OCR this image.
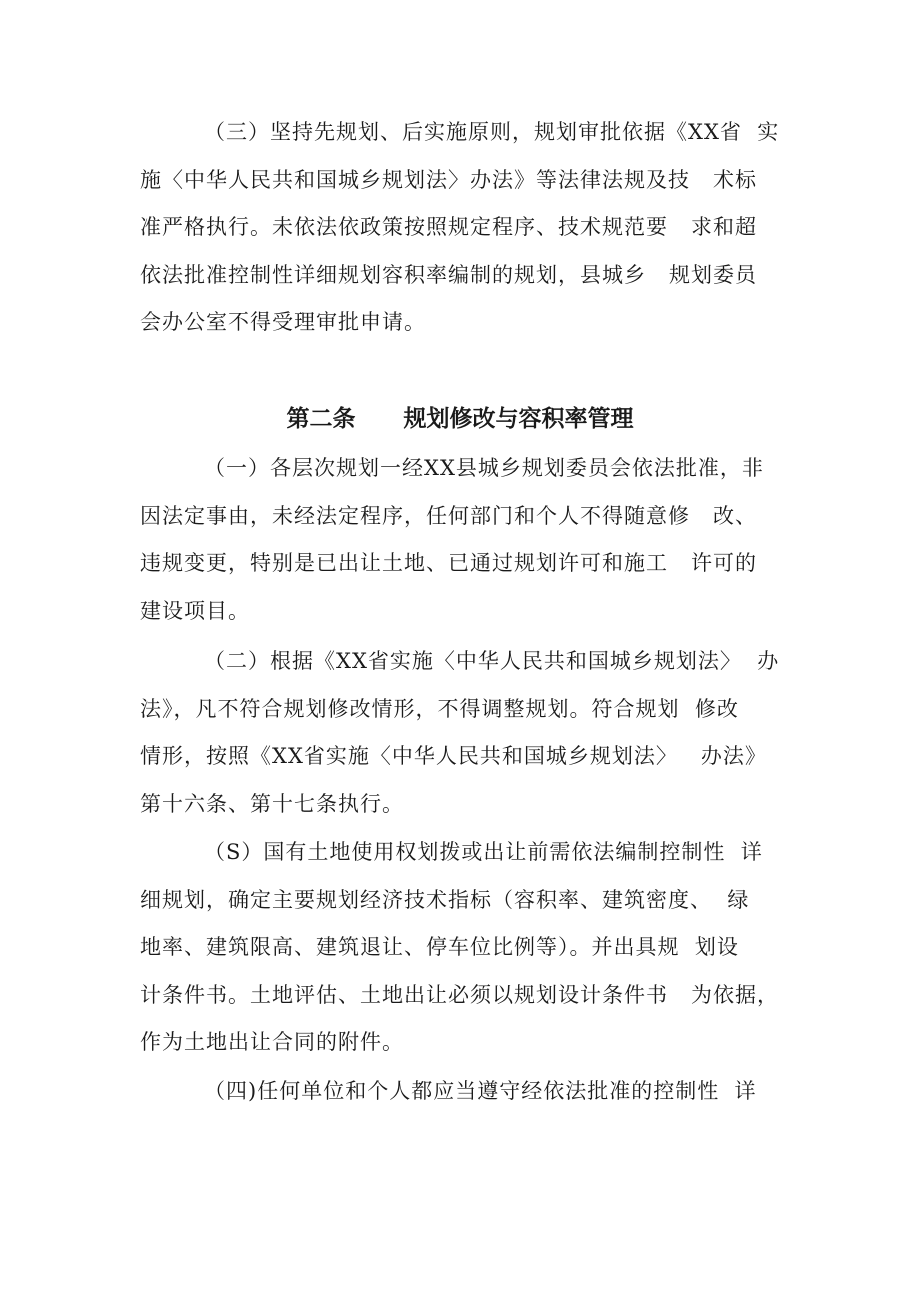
（三）坚持先规划、后实施原则，规划审批依据《XX省  实
施〈中华人民共和国城乡规划法〉办法》等法律法规及技   术标
准严格执行。未依法依政策按照规定程序、技术规范要   求和超
依法批准控制性详细规划容积率编制的规划，县城乡   规划委员
会办公室不得受理审批申请。
第二条      规划修改与容积率管理
（一）各层次规划一经XX县城乡规划委员会依法批准，非
因法定事由，未经法定程序，任何部门和个人不得随意修   改、
违规变更，特别是已出让土地、已通过规划许可和施工   许可的
建设项目。
（二）根据《XX省实施〈中华人民共和国城乡规划法〉  办
法》，凡不符合规划修改情形，不得调整规划。符合规划  修改
情形，按照《XX省实施〈中华人民共和国城乡规划法〉   办法》
第十六条、第十七条执行。
（S）国有土地使用权划拨或出让前需依法编制控制性  详
细规划，确定主要规划经济技术指标（容积率、建筑密度、  绿
地率、建筑限高、建筑退让、停车位比例等）。并出具规  划设
计条件书。土地评估、土地出让必须以规划设计条件书   为依据，
作为土地出让合同的附件。
（四)任何单位和个人都应当遵守经依法批准的控制性  详
